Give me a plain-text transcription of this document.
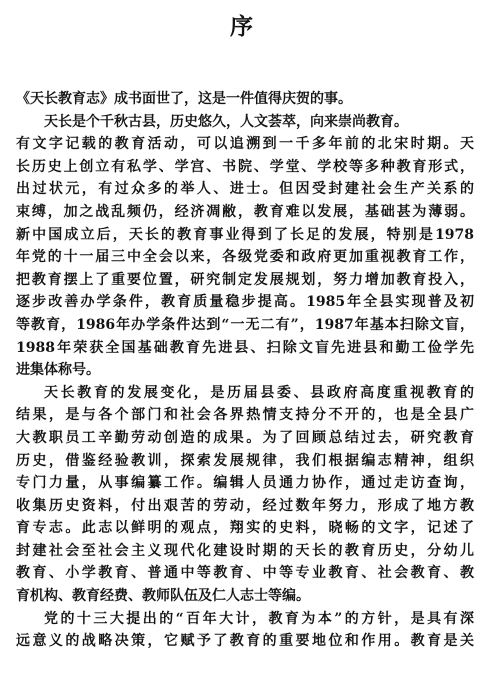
序
《天长教育志》成书面世了，这是一件值得庆贺的事。
天长是个千秋古县，历史悠久，人文荟萃，向来崇尚教育。
有文字记载的教育活动，可以追溯到一千多年前的北宋时期。天
长历史上创立有私学、学宫、书院、学堂、学校等多种教育形式，
出过状元，有过众多的举人、进士。但因受封建社会生产关系的
束缚，加之战乱频仍，经济凋敝，教育难以发展，基础甚为薄弱。
新中国成立后，天长的教育事业得到了长足的发展，特别是1978
年党的十一届三中全会以来，各级党委和政府更加重视教育工作，
把教育摆上了重要位置，研究制定发展规划，努力增加教育投入，
逐步改善办学条件，教育质量稳步提高。1985年全县实现普及初
等教育，1986年办学条件达到“一无二有”，1987年基本扫除文盲，
1988年荣获全国基础教育先进县、扫除文盲先进县和勤工俭学先
进集体称号。
天长教育的发展变化，是历届县委、县政府高度重视教育的
结果，是与各个部门和社会各界热情支持分不开的，也是全县广
大教职员工辛勤劳动创造的成果。为了回顾总结过去，研究教育
历史，借鉴经验教训，探索发展规律，我们根据编志精神，组织
专门力量，从事编纂工作。编辑人员通力协作，通过走访查询，
收集历史资料，付出艰苦的劳动，经过数年努力，形成了地方教
育专志。此志以鲜明的观点，翔实的史料，晓畅的文字，记述了
封建社会至社会主义现代化建设时期的天长的教育历史，分幼儿
教育、小学教育、普通中等教育、中等专业教育、社会教育、教
育机构、教育经费、教师队伍及仁人志士等编。
党的十三大提出的“百年大计，教育为本”的方针，是具有深
远意义的战略决策，它赋予了教育的重要地位和作用。教育是关
